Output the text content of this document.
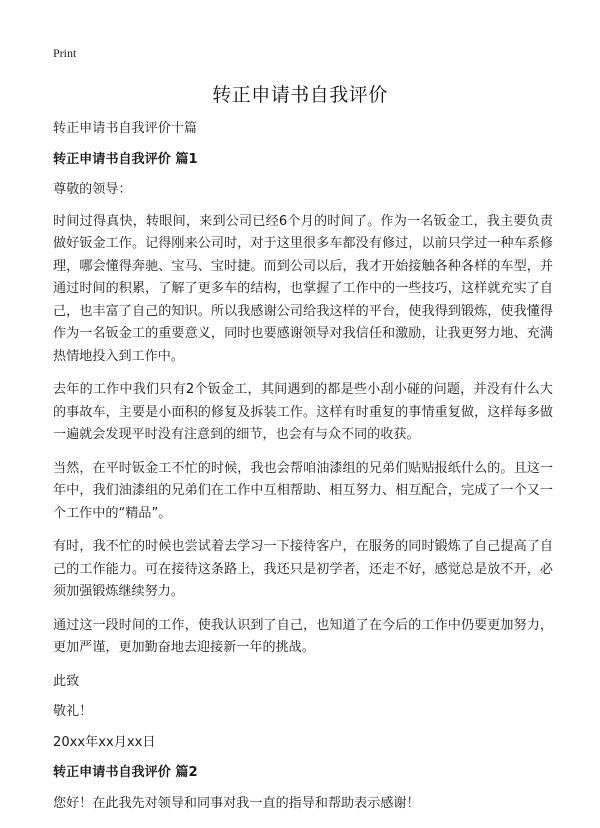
Print
转正申请书自我评价

转正申请书自我评价十篇

转正申请书自我评价 篇1

尊敬的领导：

时间过得真快，转眼间，来到公司已经6个月的时间了。作为一名钣金工，我主要负责做好钣金工作。记得刚来公司时，对于这里很多车都没有修过，以前只学过一种车系修理，哪会懂得奔驰、宝马、宝时捷。而到公司以后，我才开始接触各种各样的车型，并通过时间的积累，了解了更多车的结构，也掌握了工作中的一些技巧，这样就充实了自己，也丰富了自己的知识。所以我感谢公司给我这样的平台，使我得到锻炼，使我懂得作为一名钣金工的重要意义，同时也要感谢领导对我信任和激励，让我更努力地、充满热情地投入到工作中。

去年的工作中我们只有2个钣金工，其间遇到的都是些小刮小碰的问题，并没有什么大的事故车，主要是小面积的修复及拆装工作。这样有时重复的事情重复做，这样每多做一遍就会发现平时没有注意到的细节，也会有与众不同的收获。

当然，在平时钣金工不忙的时候，我也会帮咱油漆组的兄弟们贴贴报纸什么的。且这一年中，我们油漆组的兄弟们在工作中互相帮助、相互努力、相互配合，完成了一个又一个工作中的“精品”。

有时，我不忙的时候也尝试着去学习一下接待客户，在服务的同时锻炼了自己提高了自己的工作能力。可在接待这条路上，我还只是初学者，还走不好，感觉总是放不开，必须加强锻炼继续努力。

通过这一段时间的工作，使我认识到了自己，也知道了在今后的工作中仍要更加努力，更加严谨，更加勤奋地去迎接新一年的挑战。

此致

敬礼！

20xx年xx月xx日

转正申请书自我评价 篇2

您好！在此我先对领导和同事对我一直的指导和帮助表示感谢！
